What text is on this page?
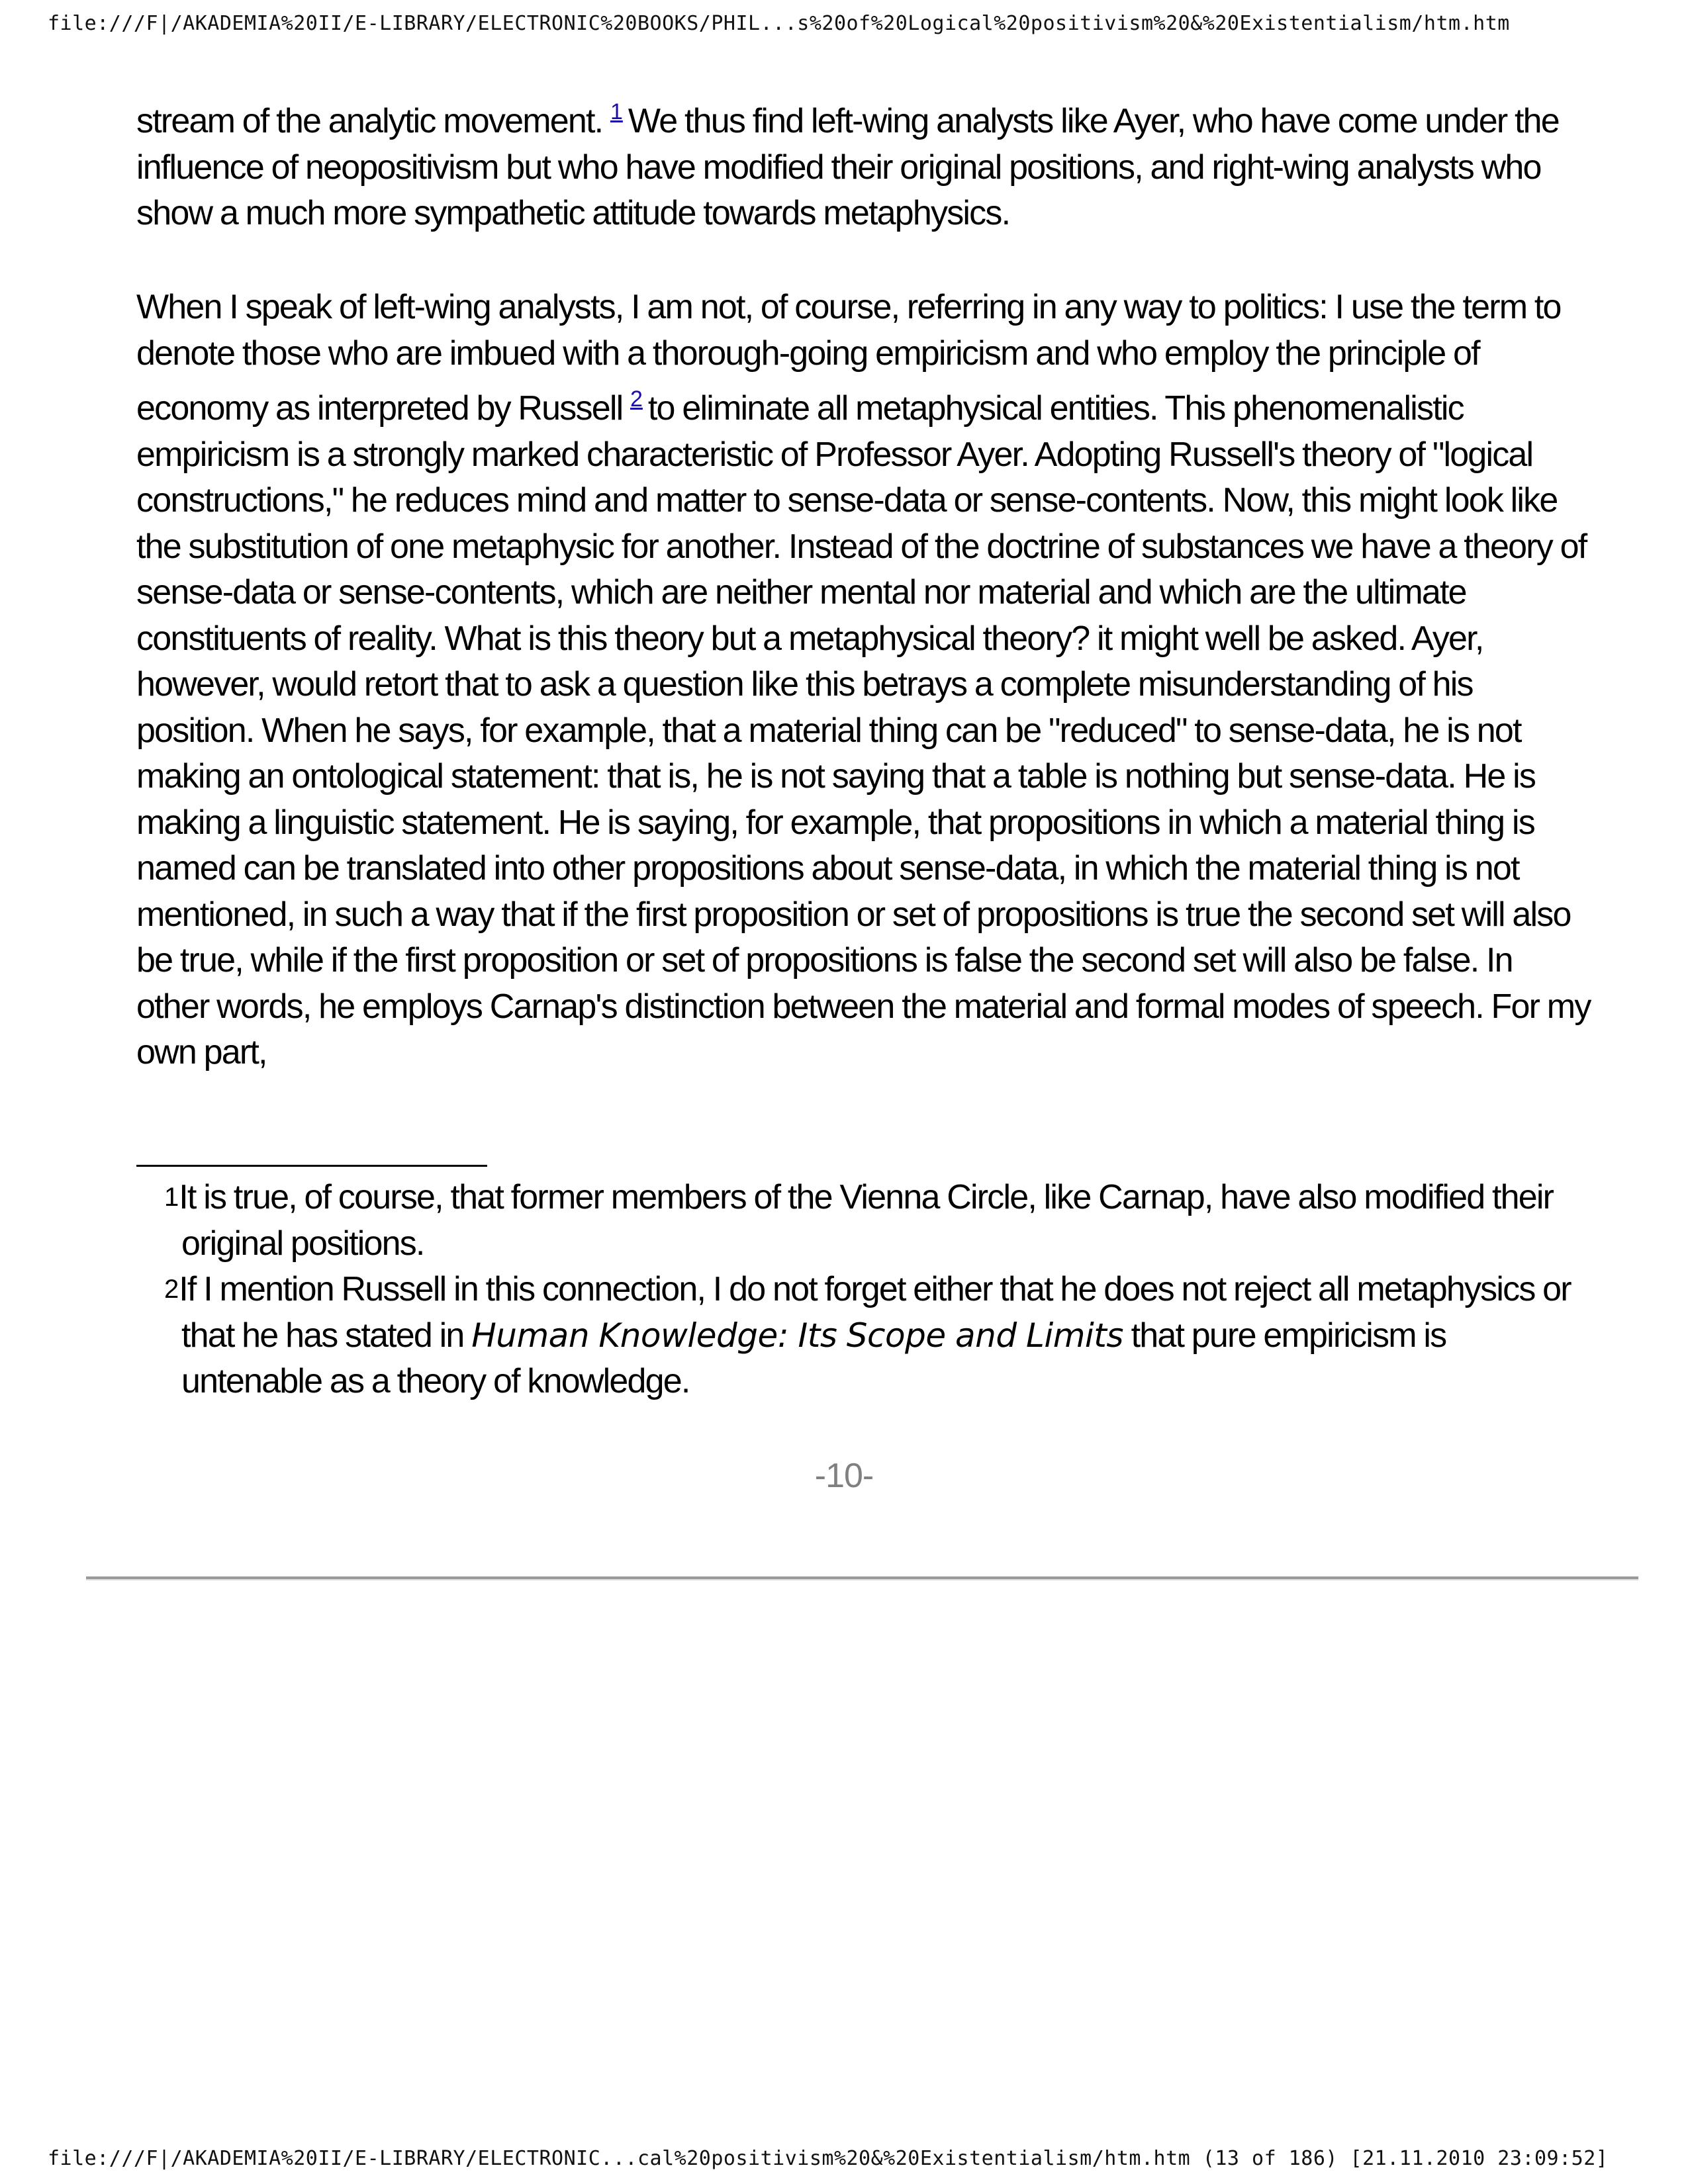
file:///F|/AKADEMIA%20II/E-LIBRARY/ELECTRONIC%20BOOKS/PHIL...s%20of%20Logical%20positivism%20&%20Existentialism/htm.htm

stream of the analytic movement. $^1$ We thus find left-wing analysts like Ayer, who have come under the

influence of neopositivism but who have modified their original positions, and right-wing analysts who

show a much more sympathetic attitude towards metaphysics.

When I speak of left-wing analysts, I am not, of course, referring in any way to politics: I use the term to

denote those who are imbued with a thorough-going empiricism and who employ the principle of

economy as interpreted by Russell $^2$ to eliminate all metaphysical entities. This phenomenalistic

empiricism is a strongly marked characteristic of Professor Ayer. Adopting Russell's theory of "logical

constructions," he reduces mind and matter to sense-data or sense-contents. Now, this might look like

the substitution of one metaphysic for another. Instead of the doctrine of substances we have a theory of

sense-data or sense-contents, which are neither mental nor material and which are the ultimate

constituents of reality. What is this theory but a metaphysical theory? it might well be asked. Ayer,

however, would retort that to ask a question like this betrays a complete misunderstanding of his

position. When he says, for example, that a material thing can be "reduced" to sense-data, he is not

making an ontological statement: that is, he is not saying that a table is nothing but sense-data. He is

making a linguistic statement. He is saying, for example, that propositions in which a material thing is

named can be translated into other propositions about sense-data, in which the material thing is not

mentioned, in such a way that if the first proposition or set of propositions is true the second set will also

be true, while if the first proposition or set of propositions is false the second set will also be false. In

other words, he employs Carnap's distinction between the material and formal modes of speech. For my

own part,

1It is true, of course, that former members of the Vienna Circle, like Carnap, have also modified their

original positions.

2If I mention Russell in this connection, I do not forget either that he does not reject all metaphysics or

that he has stated in Human Knowledge: Its Scope and Limits that pure empiricism is

untenable as a theory of knowledge.

-10-
file:///F|/AKADEMIA%20II/E-LIBRARY/ELECTRONIC...cal%20positivism%20&%20Existentialism/htm.htm (13 of 186) [21.11.2010 23:09:52]
